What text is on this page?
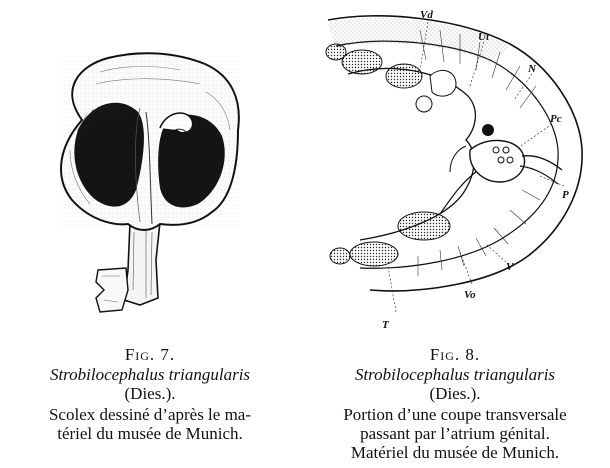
Fig. 7.
Strobilocephalus triangularis
(Dies.).
Scolex dessiné d’après le ma-
tériel du musée de Munich.
Vd
Ut
N
Pc
P
V
Vo
T
Fig. 8.
Strobilocephalus triangularis
(Dies.).
Portion d’une coupe transversale
passant par l’atrium génital.
Matériel du musée de Munich.
